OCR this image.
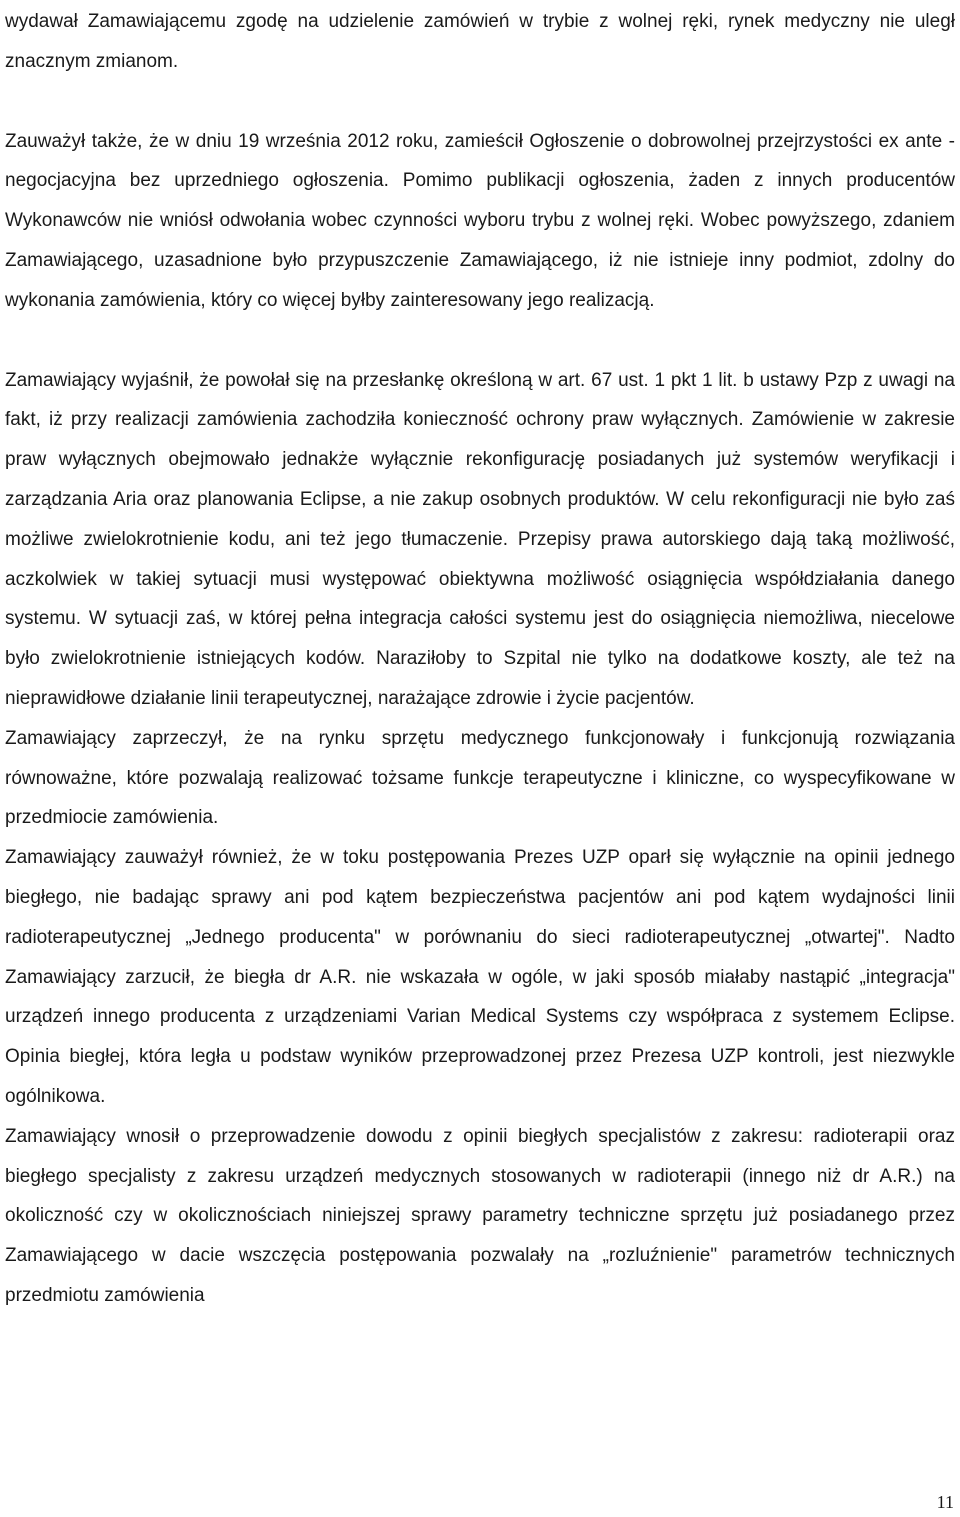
wydawał Zamawiającemu zgodę na udzielenie zamówień w trybie z wolnej ręki, rynek medyczny nie uległ znacznym zmianom.

Zauważył także, że w dniu 19 września 2012 roku, zamieścił Ogłoszenie o dobrowolnej przejrzystości ex ante - negocjacyjna bez uprzedniego ogłoszenia. Pomimo publikacji ogłoszenia, żaden z innych producentów Wykonawców nie wniósł odwołania wobec czynności wyboru trybu z wolnej ręki. Wobec powyższego, zdaniem Zamawiającego, uzasadnione było przypuszczenie Zamawiającego, iż nie istnieje inny podmiot, zdolny do wykonania zamówienia, który co więcej byłby zainteresowany jego realizacją.

Zamawiający wyjaśnił, że powołał się na przesłankę określoną w art. 67 ust. 1 pkt 1 lit. b ustawy Pzp z uwagi na fakt, iż przy realizacji zamówienia zachodziła konieczność ochrony praw wyłącznych. Zamówienie w zakresie praw wyłącznych obejmowało jednakże wyłącznie rekonfigurację posiadanych już systemów weryfikacji i zarządzania Aria oraz planowania Eclipse, a nie zakup osobnych produktów. W celu rekonfiguracji nie było zaś możliwe zwielokrotnienie kodu, ani też jego tłumaczenie. Przepisy prawa autorskiego dają taką możliwość, aczkolwiek w takiej sytuacji musi występować obiektywna możliwość osiągnięcia współdziałania danego systemu. W sytuacji zaś, w której pełna integracja całości systemu jest do osiągnięcia niemożliwa, niecelowe było zwielokrotnienie istniejących kodów. Naraziłoby to Szpital nie tylko na dodatkowe koszty, ale też na nieprawidłowe działanie linii terapeutycznej, narażające zdrowie i życie pacjentów.

Zamawiający zaprzeczył, że na rynku sprzętu medycznego funkcjonowały i funkcjonują rozwiązania równoważne, które pozwalają realizować tożsame funkcje terapeutyczne i kliniczne, co wyspecyfikowane w przedmiocie zamówienia.

Zamawiający zauważył również, że w toku postępowania Prezes UZP oparł się wyłącznie na opinii jednego biegłego, nie badając sprawy ani pod kątem bezpieczeństwa pacjentów ani pod kątem wydajności linii radioterapeutycznej „Jednego producenta" w porównaniu do sieci radioterapeutycznej „otwartej". Nadto Zamawiający zarzucił, że biegła dr A.R. nie wskazała w ogóle, w jaki sposób miałaby nastąpić „integracja" urządzeń innego producenta z urządzeniami Varian Medical Systems czy współpraca z systemem Eclipse. Opinia biegłej, która legła u podstaw wyników przeprowadzonej przez Prezesa UZP kontroli, jest niezwykle ogólnikowa.

Zamawiający wnosił o przeprowadzenie dowodu z opinii biegłych specjalistów z zakresu: radioterapii oraz biegłego specjalisty z zakresu urządzeń medycznych stosowanych w radioterapii (innego niż dr A.R.) na okoliczność czy w okolicznościach niniejszej sprawy parametry techniczne sprzętu już posiadanego przez Zamawiającego w dacie wszczęcia postępowania pozwalały na „rozluźnienie" parametrów technicznych przedmiotu zamówienia

11
